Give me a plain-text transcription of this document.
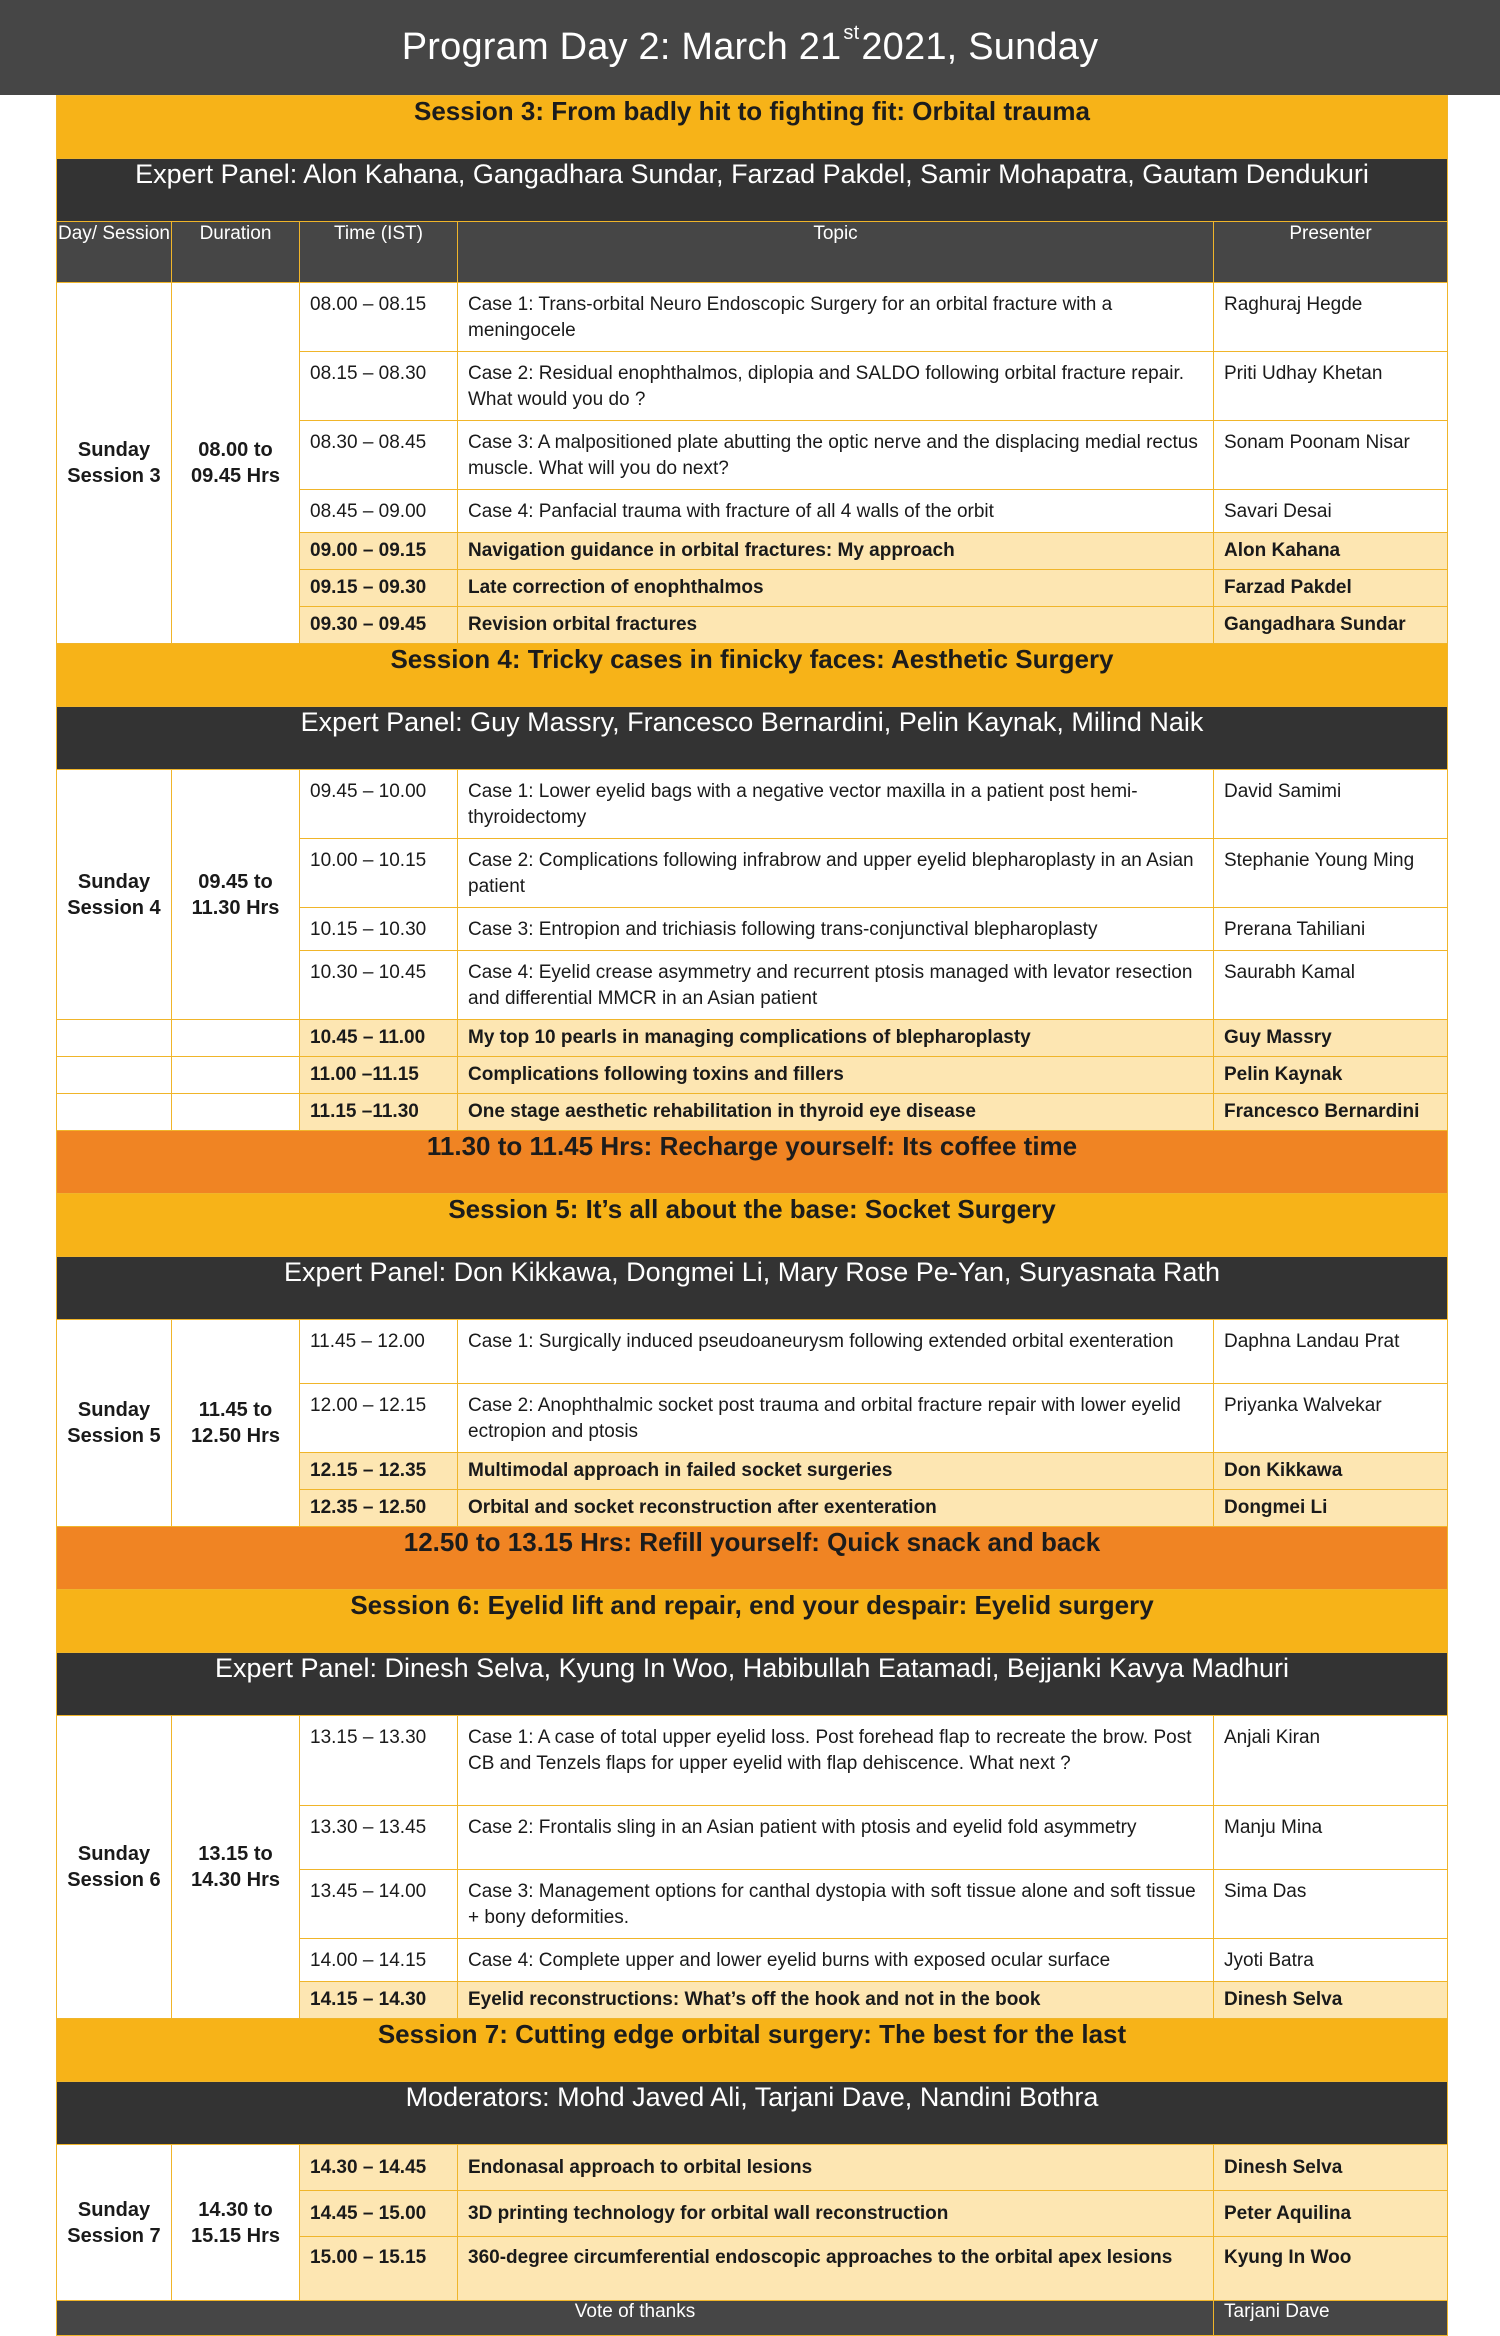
Program Day 2: March 21st 2021, Sunday
Session 3: From badly hit to fighting fit: Orbital trauma				
Expert Panel: Alon Kahana, Gangadhara Sundar, Farzad Pakdel, Samir Mohapatra, Gautam Dendukuri				
Day/ Session	Duration	Time (IST)	Topic	Presenter
Sunday Session 3	08.00 to 09.45 Hrs	08.00 – 08.15	Case 1: Trans-orbital Neuro Endoscopic Surgery for an orbital fracture with a meningocele	Raghuraj Hegde
		08.15 – 08.30	Case 2: Residual enophthalmos, diplopia and SALDO following orbital fracture repair. What would you do ?	Priti Udhay Khetan
		08.30 – 08.45	Case 3: A malpositioned plate abutting the optic nerve and the displacing medial rectus muscle. What will you do next?	Sonam Poonam Nisar
		08.45 – 09.00	Case 4: Panfacial trauma with fracture of all 4 walls of the orbit	Savari Desai
		09.00 – 09.15	Navigation guidance in orbital fractures: My approach	Alon Kahana
		09.15 – 09.30	Late correction of enophthalmos	Farzad Pakdel
		09.30 – 09.45	Revision orbital fractures	Gangadhara Sundar
Session 4: Tricky cases in finicky faces: Aesthetic Surgery				
Expert Panel: Guy Massry, Francesco Bernardini, Pelin Kaynak, Milind Naik				
Sunday Session 4	09.45 to 11.30 Hrs	09.45 – 10.00	Case 1: Lower eyelid bags with a negative vector maxilla in a patient post hemi-thyroidectomy	David Samimi
		10.00 – 10.15	Case 2: Complications following infrabrow and upper eyelid blepharoplasty in an Asian patient	Stephanie Young Ming
		10.15 – 10.30	Case 3: Entropion and trichiasis following trans-conjunctival blepharoplasty	Prerana Tahiliani
		10.30 – 10.45	Case 4: Eyelid crease asymmetry and recurrent ptosis managed with levator resection and differential MMCR in an Asian patient	Saurabh Kamal
		10.45 – 11.00	My top 10 pearls in managing complications of blepharoplasty	Guy Massry
		11.00 –11.15	Complications following toxins and fillers	Pelin Kaynak
		11.15 –11.30	One stage aesthetic rehabilitation in thyroid eye disease	Francesco Bernardini
11.30 to 11.45 Hrs: Recharge yourself: Its coffee time				
Session 5: It’s all about the base: Socket Surgery				
Expert Panel: Don Kikkawa, Dongmei Li, Mary Rose Pe-Yan, Suryasnata Rath				
Sunday Session 5	11.45 to 12.50 Hrs	11.45 – 12.00	Case 1: Surgically induced pseudoaneurysm following extended orbital exenteration	Daphna Landau Prat
		12.00 – 12.15	Case 2: Anophthalmic socket post trauma and orbital fracture repair with lower eyelid ectropion and ptosis	Priyanka Walvekar
		12.15 – 12.35	Multimodal approach in failed socket surgeries	Don Kikkawa
		12.35 – 12.50	Orbital and socket reconstruction after exenteration	Dongmei Li
12.50 to 13.15 Hrs: Refill yourself: Quick snack and back				
Session 6: Eyelid lift and repair, end your despair: Eyelid surgery				
Expert Panel: Dinesh Selva, Kyung In Woo, Habibullah Eatamadi, Bejjanki Kavya Madhuri				
Sunday Session 6	13.15 to 14.30 Hrs	13.15 – 13.30	Case 1: A case of total upper eyelid loss. Post forehead flap to recreate the brow. Post CB and Tenzels flaps for upper eyelid with flap dehiscence. What next ?	Anjali Kiran
		13.30 – 13.45	Case 2: Frontalis sling in an Asian patient with ptosis and eyelid fold asymmetry	Manju Mina
		13.45 – 14.00	Case 3: Management options for canthal dystopia with soft tissue alone and soft tissue + bony deformities.	Sima Das
		14.00 – 14.15	Case 4: Complete upper and lower eyelid burns with exposed ocular surface	Jyoti Batra
		14.15 – 14.30	Eyelid reconstructions: What’s off the hook and not in the book	Dinesh Selva
Session 7: Cutting edge orbital surgery: The best for the last				
Moderators: Mohd Javed Ali, Tarjani Dave, Nandini Bothra				
Sunday Session 7	14.30 to 15.15 Hrs	14.30 – 14.45	Endonasal approach to orbital lesions	Dinesh Selva
		14.45 – 15.00	3D printing technology for orbital wall reconstruction	Peter Aquilina
		15.00 – 15.15	360-degree circumferential endoscopic approaches to the orbital apex lesions	Kyung In Woo
Vote of thanks				Tarjani Dave
